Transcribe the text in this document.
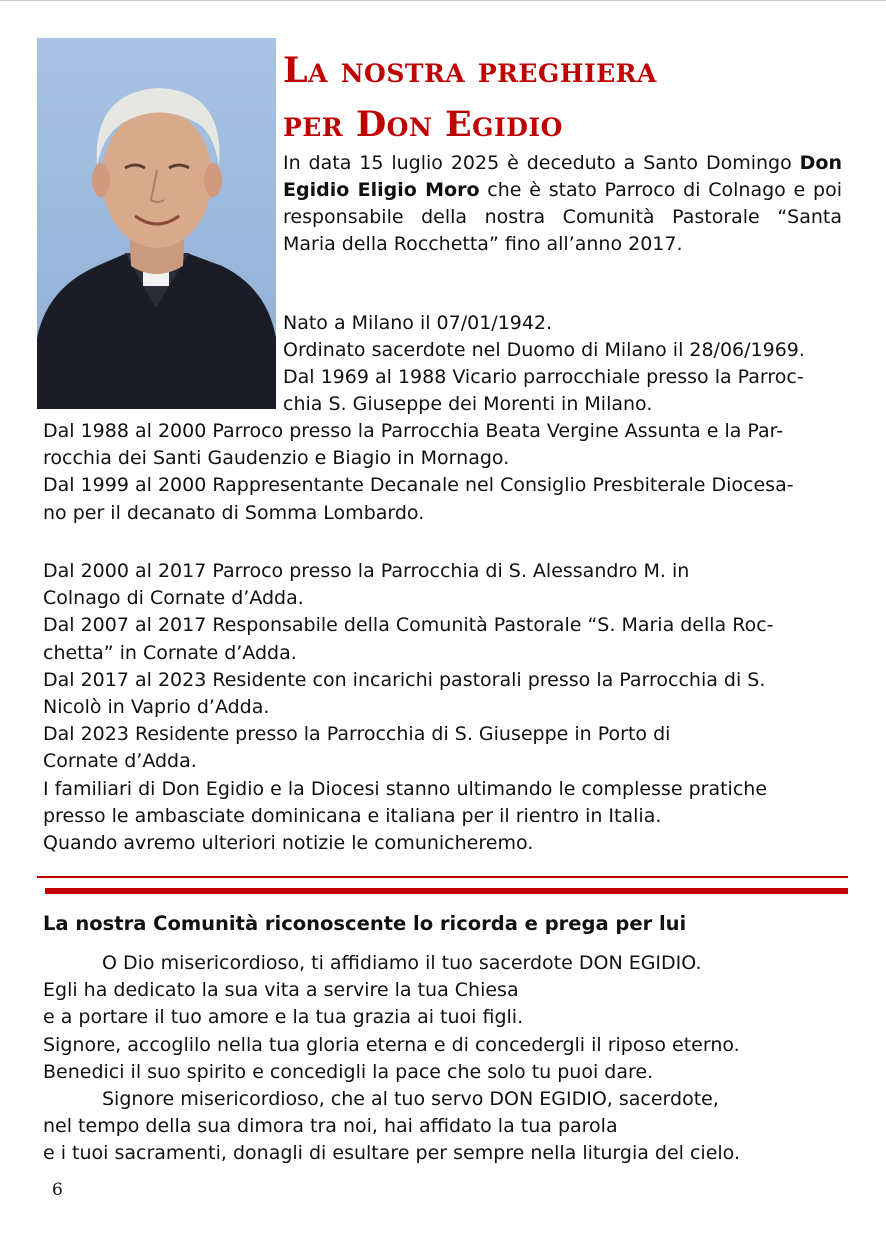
La nostra preghiera
per Don Egidio

In data 15 luglio 2025 è deceduto a Santo Domingo Don Egidio Eligio Moro che è stato Parroco di Colnago e poi responsabile della nostra Comunità Pastorale “Santa Maria della Rocchetta” fino all’anno 2017.

Nato a Milano il 07/01/1942.
Ordinato sacerdote nel Duomo di Milano il 28/06/1969.
Dal 1969 al 1988 Vicario parrocchiale presso la Parroc-
chia S. Giuseppe dei Morenti in Milano.
Dal 1988 al 2000 Parroco presso la Parrocchia Beata Vergine Assunta e la Par-
rocchia dei Santi Gaudenzio e Biagio in Mornago.
Dal 1999 al 2000 Rappresentante Decanale nel Consiglio Presbiterale Diocesa-
no per il decanato di Somma Lombardo.
Dal 2000 al 2017 Parroco presso la Parrocchia di S. Alessandro M. in
Colnago di Cornate d’Adda.
Dal 2007 al 2017 Responsabile della Comunità Pastorale “S. Maria della Roc-
chetta” in Cornate d’Adda.
Dal 2017 al 2023 Residente con incarichi pastorali presso la Parrocchia di S.
Nicolò in Vaprio d’Adda.
Dal 2023 Residente presso la Parrocchia di S. Giuseppe in Porto di
Cornate d’Adda.
I familiari di Don Egidio e la Diocesi stanno ultimando le complesse pratiche
presso le ambasciate dominicana e italiana per il rientro in Italia.
Quando avremo ulteriori notizie le comunicheremo.
La nostra Comunità riconoscente lo ricorda e prega per lui
O Dio misericordioso, ti affidiamo il tuo sacerdote DON EGIDIO.
Egli ha dedicato la sua vita a servire la tua Chiesa
e a portare il tuo amore e la tua grazia ai tuoi figli.
Signore, accoglilo nella tua gloria eterna e di concedergli il riposo eterno.
Benedici il suo spirito e concedigli la pace che solo tu puoi dare.
Signore misericordioso, che al tuo servo DON EGIDIO, sacerdote,
nel tempo della sua dimora tra noi, hai affidato la tua parola
e i tuoi sacramenti, donagli di esultare per sempre nella liturgia del cielo.
6
